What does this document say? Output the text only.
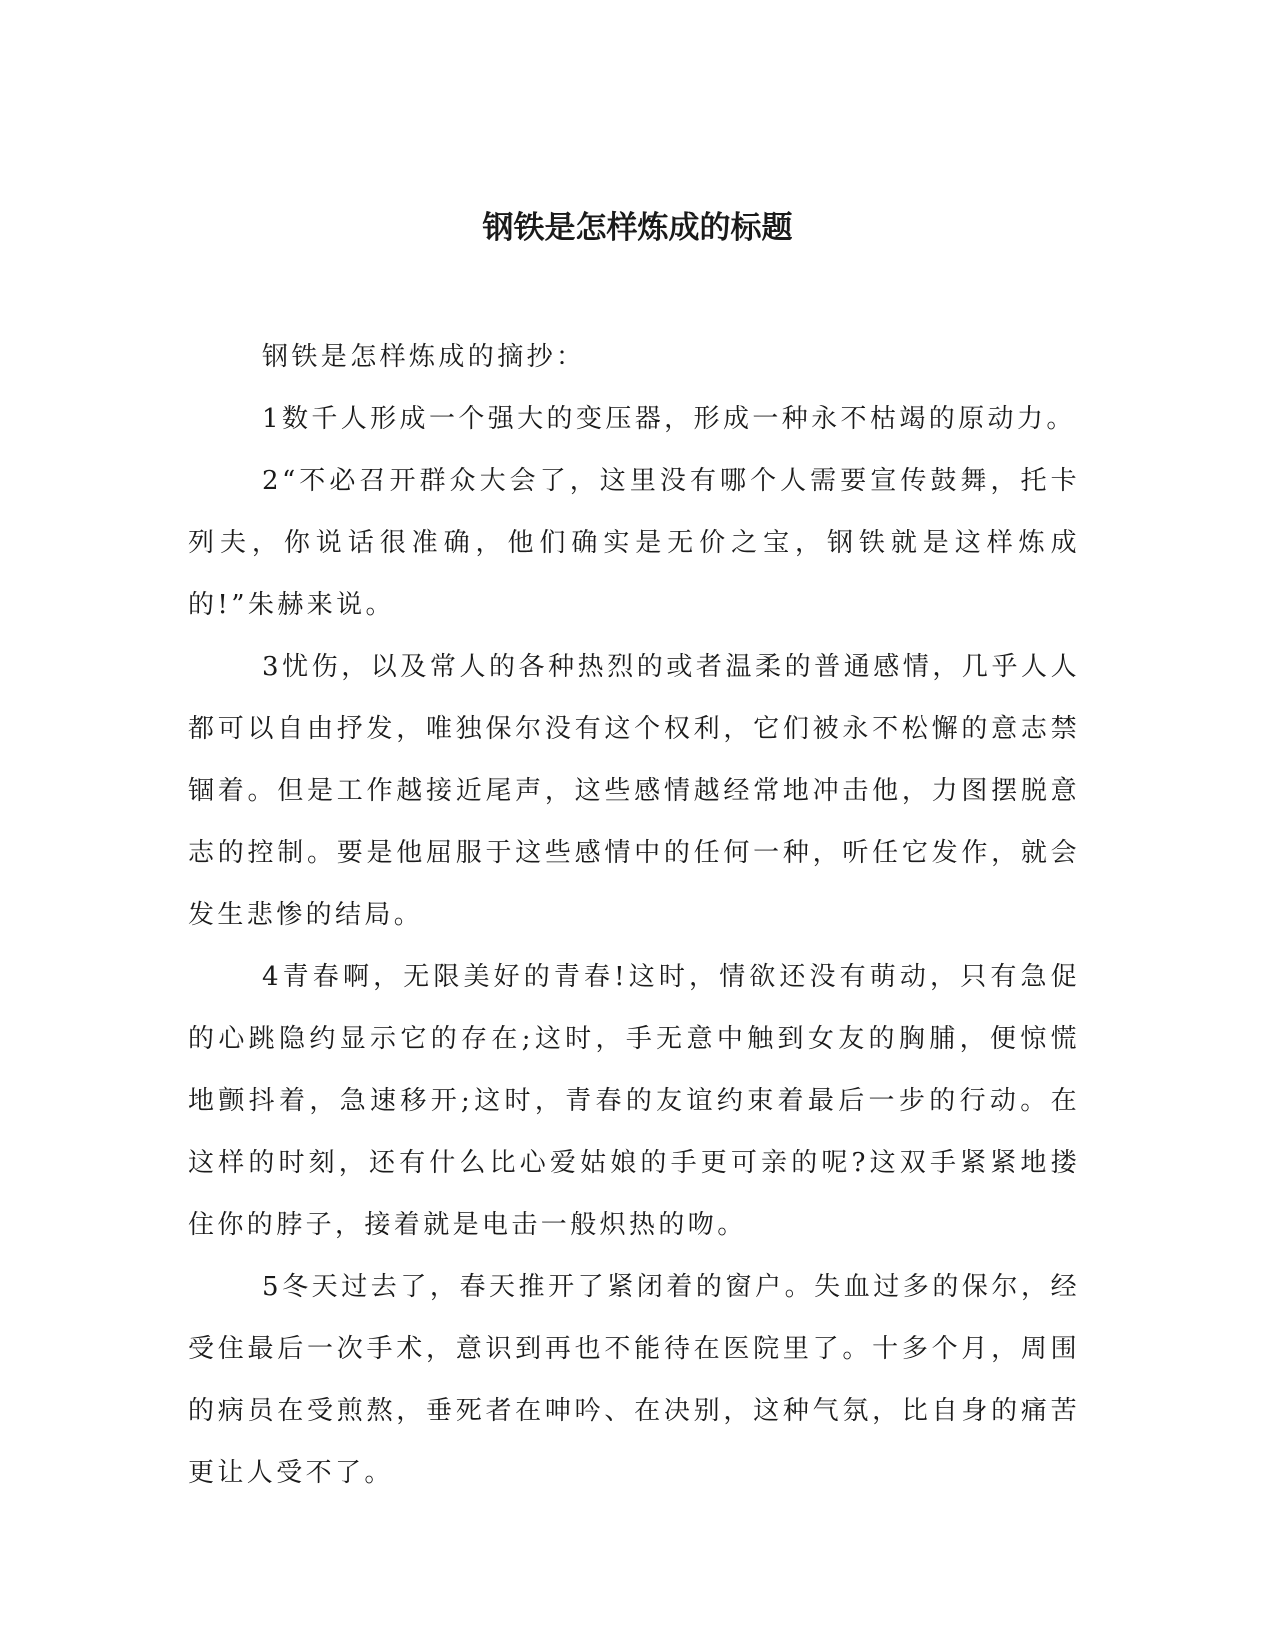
钢铁是怎样炼成的标题

钢铁是怎样炼成的摘抄：

1数千人形成一个强大的变压器，形成一种永不枯竭的原动力。

2“不必召开群众大会了，这里没有哪个人需要宣传鼓舞，托卡列夫，你说话很准确，他们确实是无价之宝，钢铁就是这样炼成的!”朱赫来说。

3忧伤，以及常人的各种热烈的或者温柔的普通感情，几乎人人都可以自由抒发，唯独保尔没有这个权利，它们被永不松懈的意志禁锢着。但是工作越接近尾声，这些感情越经常地冲击他，力图摆脱意志的控制。要是他屈服于这些感情中的任何一种，听任它发作，就会发生悲惨的结局。

4青春啊，无限美好的青春!这时，情欲还没有萌动，只有急促的心跳隐约显示它的存在;这时，手无意中触到女友的胸脯，便惊慌地颤抖着，急速移开;这时，青春的友谊约束着最后一步的行动。在这样的时刻，还有什么比心爱姑娘的手更可亲的呢?这双手紧紧地搂住你的脖子，接着就是电击一般炽热的吻。

5冬天过去了，春天推开了紧闭着的窗户。失血过多的保尔，经受住最后一次手术，意识到再也不能待在医院里了。十多个月，周围的病员在受煎熬，垂死者在呻吟、在决别，这种气氛，比自身的痛苦更让人受不了。
